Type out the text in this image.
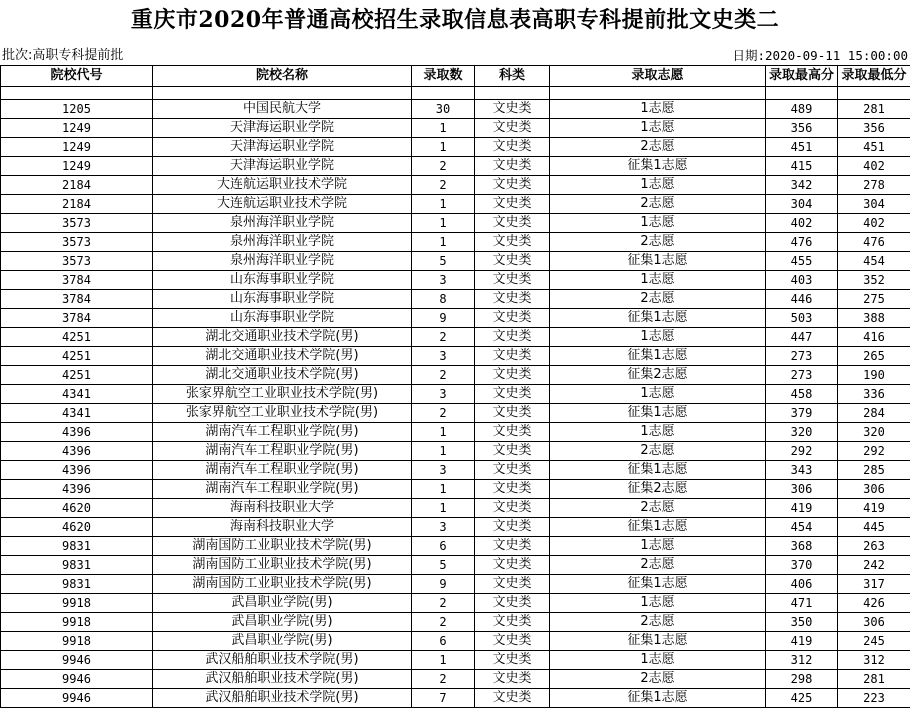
重庆市2020年普通高校招生录取信息表高职专科提前批文史类二
批次:高职专科提前批	日期:2020-09-11 15:00:00
院校代号	院校名称	录取数	科类	录取志愿	录取最高分	录取最低分

1205	中国民航大学	30	文史类	1志愿	489	281
1249	天津海运职业学院	1	文史类	1志愿	356	356
1249	天津海运职业学院	1	文史类	2志愿	451	451
1249	天津海运职业学院	2	文史类	征集1志愿	415	402
2184	大连航运职业技术学院	2	文史类	1志愿	342	278
2184	大连航运职业技术学院	1	文史类	2志愿	304	304
3573	泉州海洋职业学院	1	文史类	1志愿	402	402
3573	泉州海洋职业学院	1	文史类	2志愿	476	476
3573	泉州海洋职业学院	5	文史类	征集1志愿	455	454
3784	山东海事职业学院	3	文史类	1志愿	403	352
3784	山东海事职业学院	8	文史类	2志愿	446	275
3784	山东海事职业学院	9	文史类	征集1志愿	503	388
4251	湖北交通职业技术学院(男)	2	文史类	1志愿	447	416
4251	湖北交通职业技术学院(男)	3	文史类	征集1志愿	273	265
4251	湖北交通职业技术学院(男)	2	文史类	征集2志愿	273	190
4341	张家界航空工业职业技术学院(男)	3	文史类	1志愿	458	336
4341	张家界航空工业职业技术学院(男)	2	文史类	征集1志愿	379	284
4396	湖南汽车工程职业学院(男)	1	文史类	1志愿	320	320
4396	湖南汽车工程职业学院(男)	1	文史类	2志愿	292	292
4396	湖南汽车工程职业学院(男)	3	文史类	征集1志愿	343	285
4396	湖南汽车工程职业学院(男)	1	文史类	征集2志愿	306	306
4620	海南科技职业大学	1	文史类	2志愿	419	419
4620	海南科技职业大学	3	文史类	征集1志愿	454	445
9831	湖南国防工业职业技术学院(男)	6	文史类	1志愿	368	263
9831	湖南国防工业职业技术学院(男)	5	文史类	2志愿	370	242
9831	湖南国防工业职业技术学院(男)	9	文史类	征集1志愿	406	317
9918	武昌职业学院(男)	2	文史类	1志愿	471	426
9918	武昌职业学院(男)	2	文史类	2志愿	350	306
9918	武昌职业学院(男)	6	文史类	征集1志愿	419	245
9946	武汉船舶职业技术学院(男)	1	文史类	1志愿	312	312
9946	武汉船舶职业技术学院(男)	2	文史类	2志愿	298	281
9946	武汉船舶职业技术学院(男)	7	文史类	征集1志愿	425	223
